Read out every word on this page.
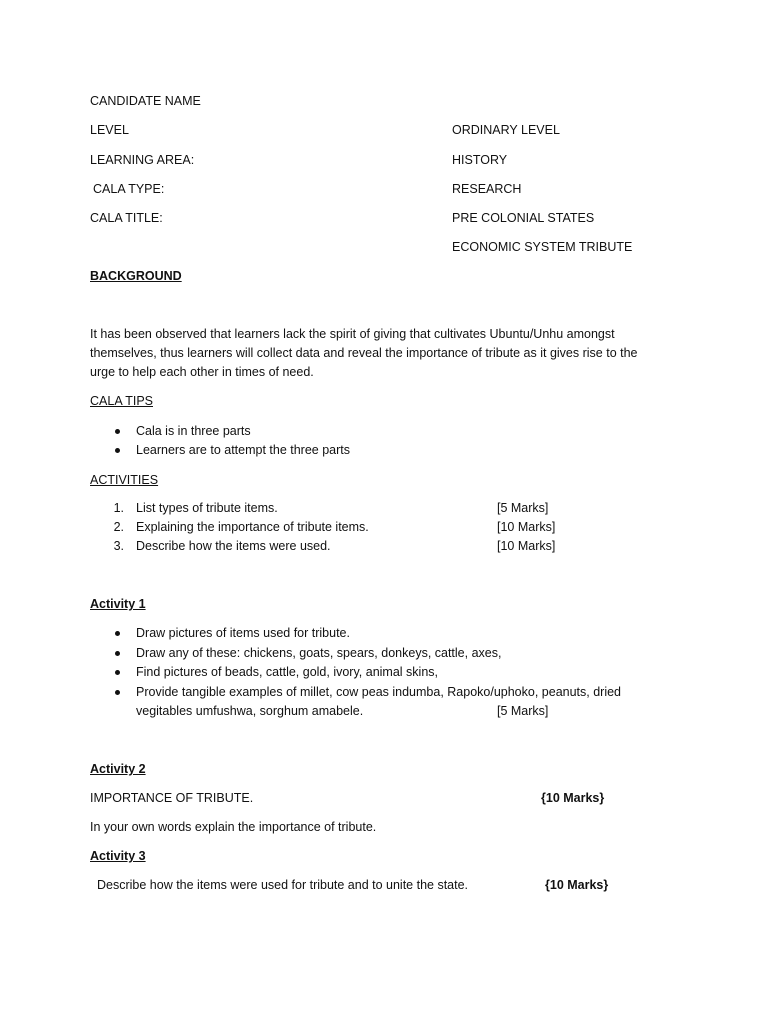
CANDIDATE NAME
LEVEL	ORDINARY LEVEL
LEARNING AREA:	HISTORY
CALA TYPE:	RESEARCH
CALA TITLE:	PRE COLONIAL STATES
ECONOMIC SYSTEM TRIBUTE
BACKGROUND
It has been observed that learners lack the spirit of giving that cultivates Ubuntu/Unhu amongst
themselves, thus learners will collect data and reveal the importance of tribute as it gives rise to the
urge to help each other in times of need.
CALA TIPS
Cala is in three parts
Learners are to attempt the three parts
ACTIVITIES
1. List types of tribute items.	[5 Marks]
2. Explaining the importance of tribute items.	[10 Marks]
3. Describe how the items were used.	[10 Marks]
Activity 1
Draw pictures of items used for tribute.
Draw any of these: chickens, goats, spears, donkeys, cattle, axes,
Find pictures of beads, cattle, gold, ivory, animal skins,
Provide tangible examples of millet, cow peas indumba, Rapoko/uphoko, peanuts, dried
vegitables umfushwa, sorghum amabele.	[5 Marks]
Activity 2
IMPORTANCE OF TRIBUTE.	{10 Marks}
In your own words explain the importance of tribute.
Activity 3
Describe how the items were used for tribute and to unite the state.	{10 Marks}
